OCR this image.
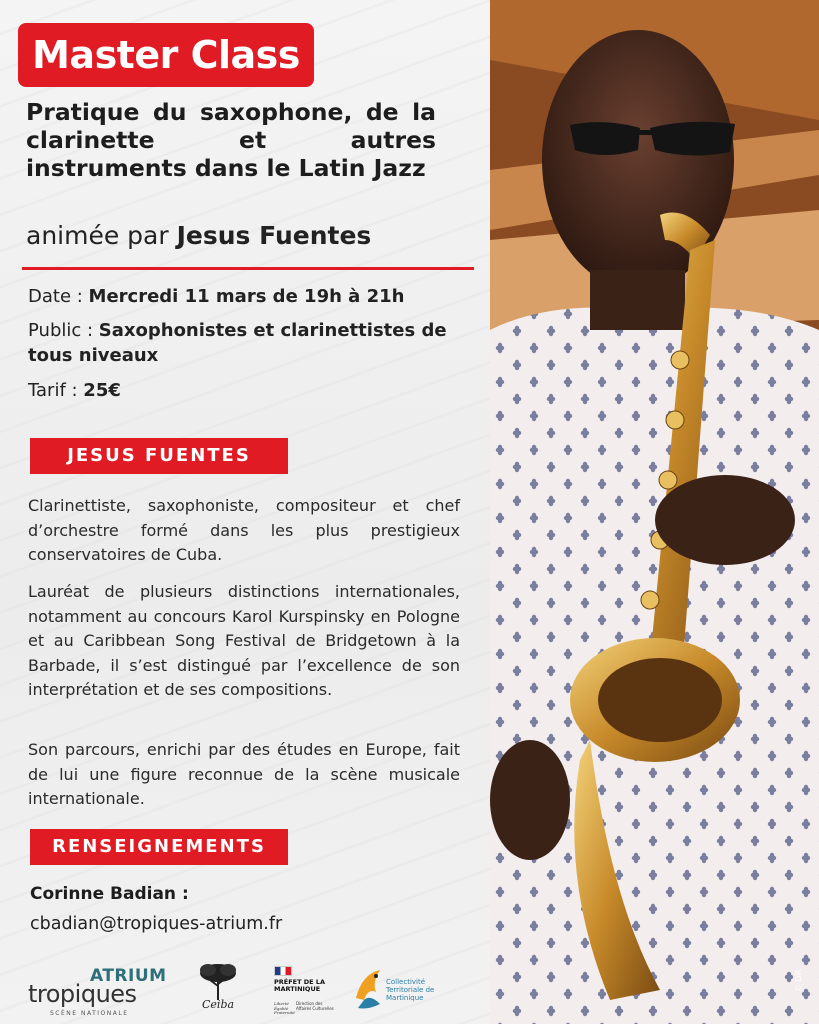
Master Class
Pratique du saxophone, de la clarinette et autres instruments dans le Latin Jazz
animée par Jesus Fuentes
Date : Mercredi 11 mars de 19h à 21h
Public : Saxophonistes et clarinettistes de tous niveaux
Tarif : 25€
JESUS FUENTES
Clarinettiste, saxophoniste, compositeur et chef d’orchestre formé dans les plus prestigieux conservatoires de Cuba.
Lauréat de plusieurs distinctions internationales, notamment au concours Karol Kurspinsky en Pologne et au Caribbean Song Festival de Bridgetown à la Barbade, il s’est distingué par l’excellence de son interprétation et de ses compositions.
Son parcours, enrichi par des études en Europe, fait de lui une figure reconnue de la scène musicale internationale.
RENSEIGNEMENTS
Corinne Badian :
cbadian@tropiques-atrium.fr
ATRIUM
tropiques
SCÈNE NATIONALE
Ceiba
PRÉFET DE LA MARTINIQUE
Liberté Égalité Fraternité
Direction des Affaires Culturelles
Collectivité Territoriale de Martinique
© DR
